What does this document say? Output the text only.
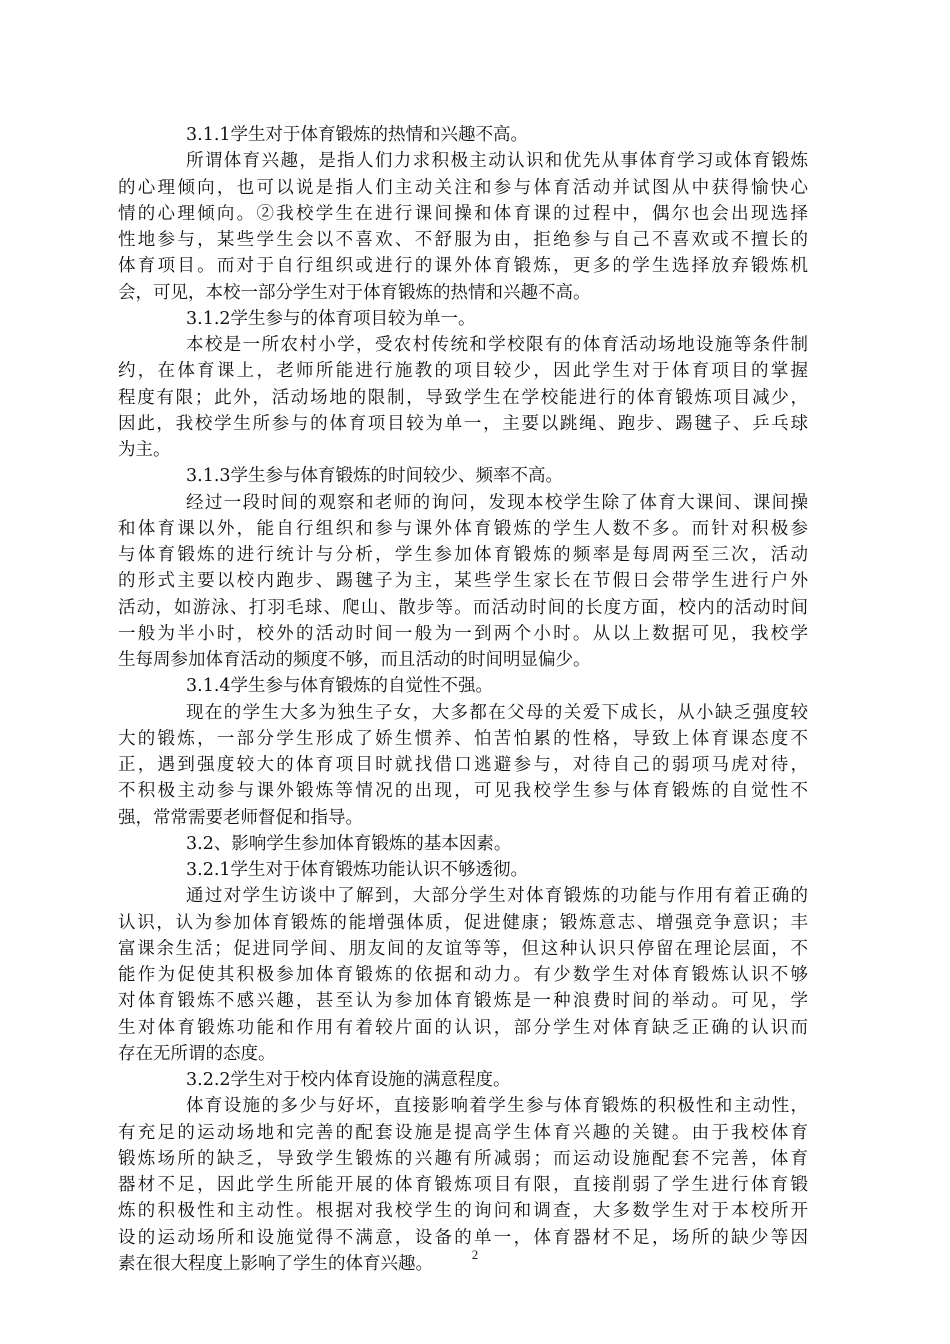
3.1.1学生对于体育锻炼的热情和兴趣不高。
所谓体育兴趣，是指人们力求积极主动认识和优先从事体育学习或体育锻炼
的心理倾向，也可以说是指人们主动关注和参与体育活动并试图从中获得愉快心
情的心理倾向。②我校学生在进行课间操和体育课的过程中，偶尔也会出现选择
性地参与，某些学生会以不喜欢、不舒服为由，拒绝参与自己不喜欢或不擅长的
体育项目。而对于自行组织或进行的课外体育锻炼，更多的学生选择放弃锻炼机
会，可见，本校一部分学生对于体育锻炼的热情和兴趣不高。
3.1.2学生参与的体育项目较为单一。
本校是一所农村小学，受农村传统和学校限有的体育活动场地设施等条件制
约，在体育课上，老师所能进行施教的项目较少，因此学生对于体育项目的掌握
程度有限；此外，活动场地的限制，导致学生在学校能进行的体育锻炼项目减少，
因此，我校学生所参与的体育项目较为单一，主要以跳绳、跑步、踢毽子、乒乓球
为主。
3.1.3学生参与体育锻炼的时间较少、频率不高。
经过一段时间的观察和老师的询问，发现本校学生除了体育大课间、课间操
和体育课以外，能自行组织和参与课外体育锻炼的学生人数不多。而针对积极参
与体育锻炼的进行统计与分析，学生参加体育锻炼的频率是每周两至三次，活动
的形式主要以校内跑步、踢毽子为主，某些学生家长在节假日会带学生进行户外
活动，如游泳、打羽毛球、爬山、散步等。而活动时间的长度方面，校内的活动时间
一般为半小时，校外的活动时间一般为一到两个小时。从以上数据可见，我校学
生每周参加体育活动的频度不够，而且活动的时间明显偏少。
3.1.4学生参与体育锻炼的自觉性不强。
现在的学生大多为独生子女，大多都在父母的关爱下成长，从小缺乏强度较
大的锻炼，一部分学生形成了娇生惯养、怕苦怕累的性格，导致上体育课态度不
正，遇到强度较大的体育项目时就找借口逃避参与，对待自己的弱项马虎对待，
不积极主动参与课外锻炼等情况的出现，可见我校学生参与体育锻炼的自觉性不
强，常常需要老师督促和指导。
3.2、影响学生参加体育锻炼的基本因素。
3.2.1学生对于体育锻炼功能认识不够透彻。
通过对学生访谈中了解到，大部分学生对体育锻炼的功能与作用有着正确的
认识，认为参加体育锻炼的能增强体质，促进健康；锻炼意志、增强竞争意识；丰
富课余生活；促进同学间、朋友间的友谊等等，但这种认识只停留在理论层面，不
能作为促使其积极参加体育锻炼的依据和动力。有少数学生对体育锻炼认识不够
对体育锻炼不感兴趣，甚至认为参加体育锻炼是一种浪费时间的举动。可见，学
生对体育锻炼功能和作用有着较片面的认识，部分学生对体育缺乏正确的认识而
存在无所谓的态度。
3.2.2学生对于校内体育设施的满意程度。
体育设施的多少与好坏，直接影响着学生参与体育锻炼的积极性和主动性，
有充足的运动场地和完善的配套设施是提高学生体育兴趣的关键。由于我校体育
锻炼场所的缺乏，导致学生锻炼的兴趣有所减弱；而运动设施配套不完善，体育
器材不足，因此学生所能开展的体育锻炼项目有限，直接削弱了学生进行体育锻
炼的积极性和主动性。根据对我校学生的询问和调查，大多数学生对于本校所开
设的运动场所和设施觉得不满意，设备的单一，体育器材不足，场所的缺少等因
素在很大程度上影响了学生的体育兴趣。	2
